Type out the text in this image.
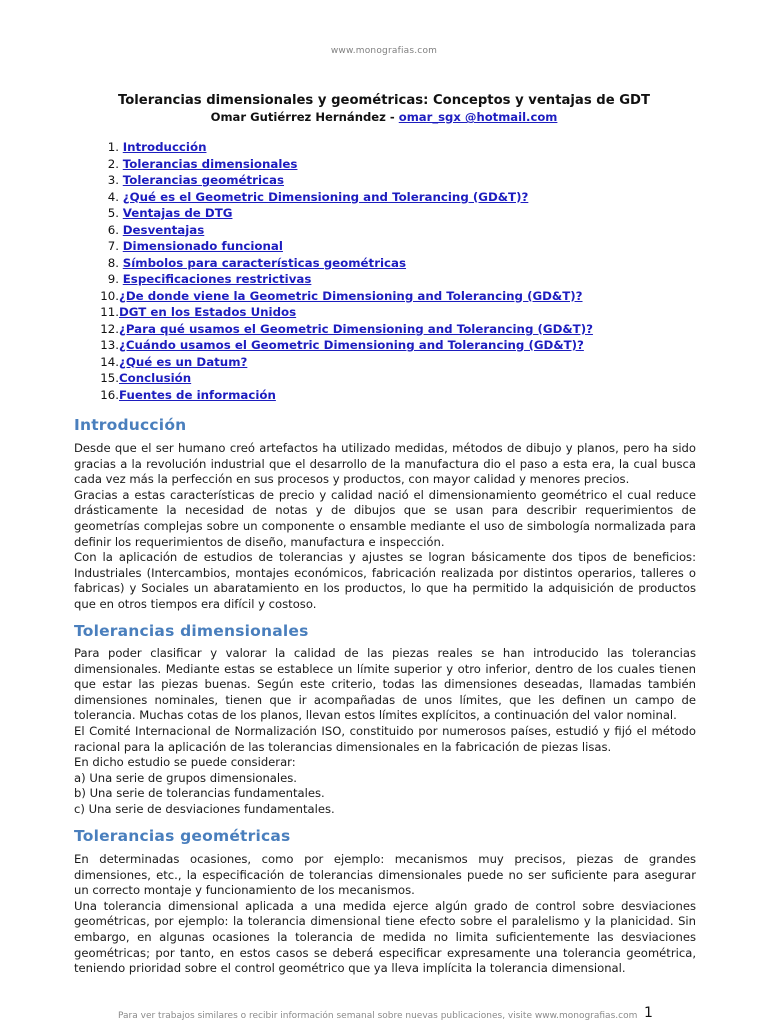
www.monografias.com
Tolerancias dimensionales y geométricas: Conceptos y ventajas de GDT
Omar Gutiérrez Hernández - omar_sgx @hotmail.com
1. Introducción
2. Tolerancias dimensionales
3. Tolerancias geométricas
4. ¿Qué es el Geometric Dimensioning and Tolerancing (GD&T)?
5. Ventajas de DTG
6. Desventajas
7. Dimensionado funcional
8. Símbolos para características geométricas
9. Especificaciones restrictivas
10.¿De donde viene la Geometric Dimensioning and Tolerancing (GD&T)?
11.DGT en los Estados Unidos
12.¿Para qué usamos el Geometric Dimensioning and Tolerancing (GD&T)?
13.¿Cuándo usamos el Geometric Dimensioning and Tolerancing (GD&T)?
14.¿Qué es un Datum?
15.Conclusión
16.Fuentes de información
Introducción

Desde que el ser humano creó artefactos ha utilizado medidas, métodos de dibujo y planos, pero ha sido gracias a la revolución industrial que el desarrollo de la manufactura dio el paso a esta era, la cual busca cada vez más la perfección en sus procesos y productos, con mayor calidad y menores precios.

Gracias a estas características de precio y calidad nació el dimensionamiento geométrico el cual reduce drásticamente la necesidad de notas y de dibujos que se usan para describir requerimientos de geometrías complejas sobre un componente o ensamble mediante el uso de simbología normalizada para definir los requerimientos de diseño, manufactura e inspección.

Con la aplicación de estudios de tolerancias y ajustes se logran básicamente dos tipos de beneficios: Industriales (Intercambios, montajes económicos, fabricación realizada por distintos operarios, talleres o fabricas) y Sociales un abaratamiento en los productos, lo que ha permitido la adquisición de productos que en otros tiempos era difícil y costoso.

Tolerancias dimensionales

Para poder clasificar y valorar la calidad de las piezas reales se han introducido las tolerancias dimensionales. Mediante estas se establece un límite superior y otro inferior, dentro de los cuales tienen que estar las piezas buenas. Según este criterio, todas las dimensiones deseadas, llamadas también dimensiones nominales, tienen que ir acompañadas de unos límites, que les definen un campo de tolerancia. Muchas cotas de los planos, llevan estos límites explícitos, a continuación del valor nominal.

El Comité Internacional de Normalización ISO, constituido por numerosos países, estudió y fijó el método racional para la aplicación de las tolerancias dimensionales en la fabricación de piezas lisas.

En dicho estudio se puede considerar:

a) Una serie de grupos dimensionales.

b) Una serie de tolerancias fundamentales.

c) Una serie de desviaciones fundamentales.

Tolerancias geométricas

En determinadas ocasiones, como por ejemplo: mecanismos muy precisos, piezas de grandes dimensiones, etc., la especificación de tolerancias dimensionales puede no ser suficiente para asegurar un correcto montaje y funcionamiento de los mecanismos.

Una tolerancia dimensional aplicada a una medida ejerce algún grado de control sobre desviaciones geométricas, por ejemplo: la tolerancia dimensional tiene efecto sobre el paralelismo y la planicidad. Sin embargo, en algunas ocasiones la tolerancia de medida no limita suficientemente las desviaciones geométricas; por tanto, en estos casos se deberá especificar expresamente una tolerancia geométrica, teniendo prioridad sobre el control geométrico que ya lleva implícita la tolerancia dimensional.

Para ver trabajos similares o recibir información semanal sobre nuevas publicaciones, visite www.monografias.com 1
